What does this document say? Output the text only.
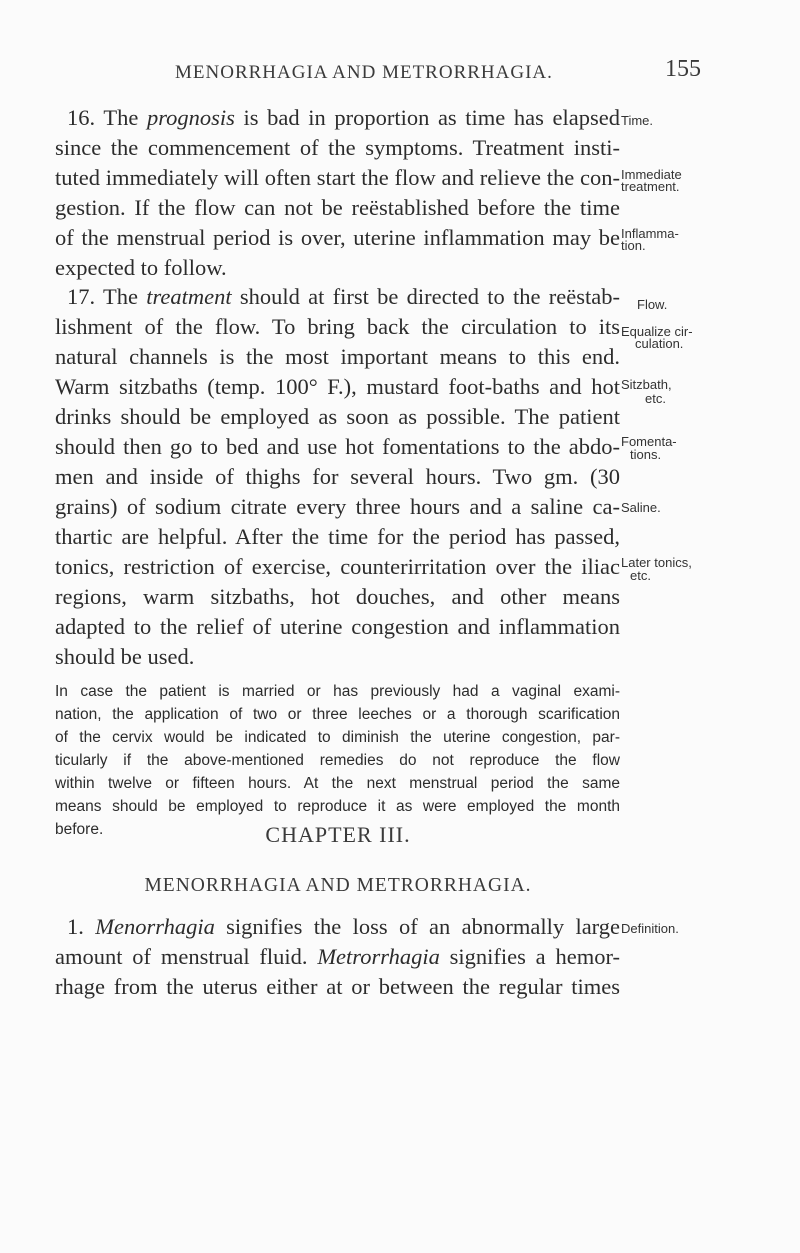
MENORRHAGIA AND METRORRHAGIA.	155
16. The prognosis is bad in proportion as time has elapsed
since the commencement of the symptoms. Treatment insti-
tuted immediately will often start the flow and relieve the con-
gestion. If the flow can not be reëstablished before the time
of the menstrual period is over, uterine inflammation may be
expected to follow.
17. The treatment should at first be directed to the reëstab-
lishment of the flow. To bring back the circulation to its
natural channels is the most important means to this end.
Warm sitzbaths (temp. 100° F.), mustard foot-baths and hot
drinks should be employed as soon as possible. The patient
should then go to bed and use hot fomentations to the abdo-
men and inside of thighs for several hours. Two gm. (30
grains) of sodium citrate every three hours and a saline ca-
thartic are helpful. After the time for the period has passed,
tonics, restriction of exercise, counterirritation over the iliac
regions, warm sitzbaths, hot douches, and other means
adapted to the relief of uterine congestion and inflammation
should be used.
In case the patient is married or has previously had a vaginal exami-
nation, the application of two or three leeches or a thorough scarification
of the cervix would be indicated to diminish the uterine congestion, par-
ticularly if the above-mentioned remedies do not reproduce the flow
within twelve or fifteen hours. At the next menstrual period the same
means should be employed to reproduce it as were employed the month
before.	CHAPTER III.
MENORRHAGIA AND METRORRHAGIA.
1. Menorrhagia signifies the loss of an abnormally large
amount of menstrual fluid. Metrorrhagia signifies a hemor-
rhage from the uterus either at or between the regular times
Time.
Immediate
treatment.
Inflamma-
tion.
Flow.
Equalize cir-
culation.
Sitzbath,
etc.
Fomenta-
tions.
Saline.
Later tonics,
etc.
Definition.
